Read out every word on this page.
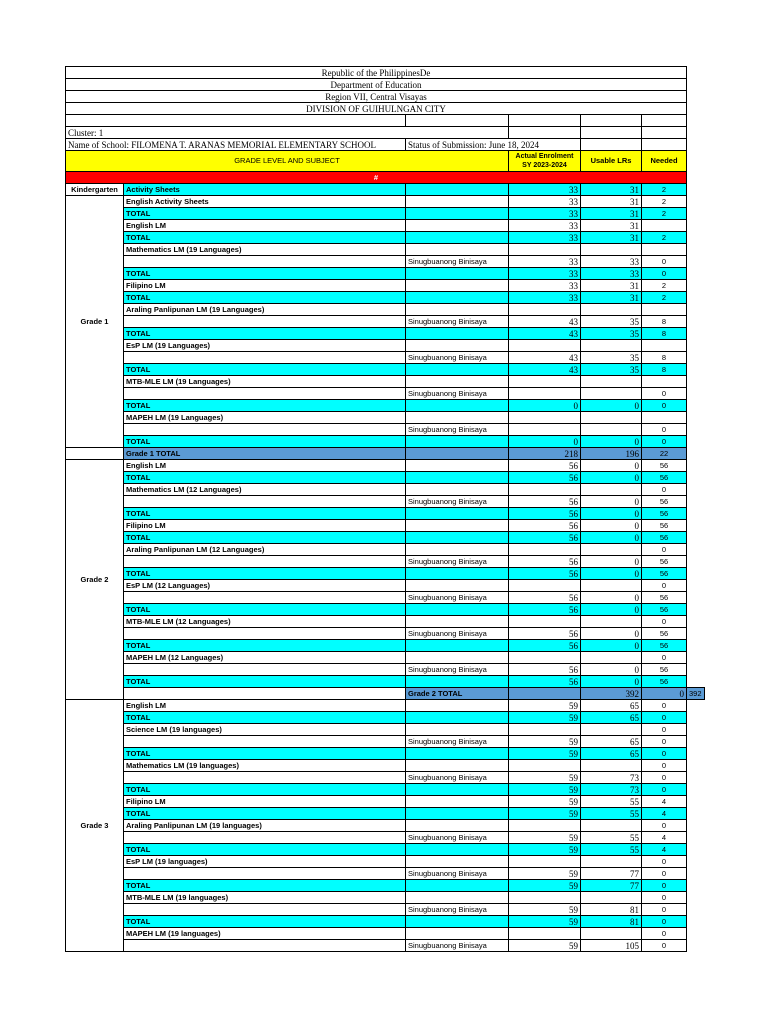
Republic of the PhilippinesDe						
Department of Education						
Region VII, Central Visayas						
DIVISION OF GUIHULNGAN CITY						

Cluster: 1						
Name of School: FILOMENA T. ARANAS MEMORIAL ELEMENTARY SCHOOL		Status of Submission: June 18, 2024				
GRADE LEVEL AND SUBJECT			Actual Enrolment SY 2023-2024	Usable LRs	Needed	
#						
Kindergarten	Activity Sheets		33	31	2	
Grade 1	English Activity Sheets		33	31	2	
	TOTAL		33	31	2	
	English LM		33	31		
	TOTAL		33	31	2	
	Mathematics LM (19 Languages)					
		Sinugbuanong Binisaya	33	33	0	
	TOTAL		33	33	0	
	Filipino LM		33	31	2	
	TOTAL		33	31	2	
	Araling Panlipunan LM (19 Languages)					
		Sinugbuanong Binisaya	43	35	8	
	TOTAL		43	35	8	
	EsP LM (19 Languages)					
		Sinugbuanong Binisaya	43	35	8	
	TOTAL		43	35	8	
	MTB-MLE LM (19 Languages)					
		Sinugbuanong Binisaya			0	
	TOTAL		0	0	0	
	MAPEH LM (19 Languages)					
		Sinugbuanong Binisaya			0	
	TOTAL		0	0	0	
	Grade 1 TOTAL		218	196	22	
Grade 2	English LM		56	0	56	
	TOTAL		56	0	56	
	Mathematics LM (12 Languages)				0	
		Sinugbuanong Binisaya	56	0	56	
	TOTAL		56	0	56	
	Filipino LM		56	0	56	
	TOTAL		56	0	56	
	Araling Panlipunan LM (12 Languages)				0	
		Sinugbuanong Binisaya	56	0	56	
	TOTAL		56	0	56	
	EsP LM (12 Languages)				0	
		Sinugbuanong Binisaya	56	0	56	
	TOTAL		56	0	56	
	MTB-MLE LM (12 Languages)				0	
		Sinugbuanong Binisaya	56	0	56	
	TOTAL		56	0	56	
	MAPEH LM (12 Languages)				0	
		Sinugbuanong Binisaya	56	0	56	
	TOTAL		56	0	56	
		Grade 2 TOTAL		392	0	392
Grade 3	English LM		59	65	0	
	TOTAL		59	65	0	
	Science LM (19 languages)				0	
		Sinugbuanong Binisaya	59	65	0	
	TOTAL		59	65	0	
	Mathematics LM (19 languages)				0	
		Sinugbuanong Binisaya	59	73	0	
	TOTAL		59	73	0	
	Filipino LM		59	55	4	
	TOTAL		59	55	4	
	Araling Panlipunan LM (19 languages)				0	
		Sinugbuanong Binisaya	59	55	4	
	TOTAL		59	55	4	
	EsP LM (19 languages)				0	
		Sinugbuanong Binisaya	59	77	0	
	TOTAL		59	77	0	
	MTB-MLE LM (19 languages)				0	
		Sinugbuanong Binisaya	59	81	0	
	TOTAL		59	81	0	
	MAPEH LM (19 languages)				0	
		Sinugbuanong Binisaya	59	105	0	
